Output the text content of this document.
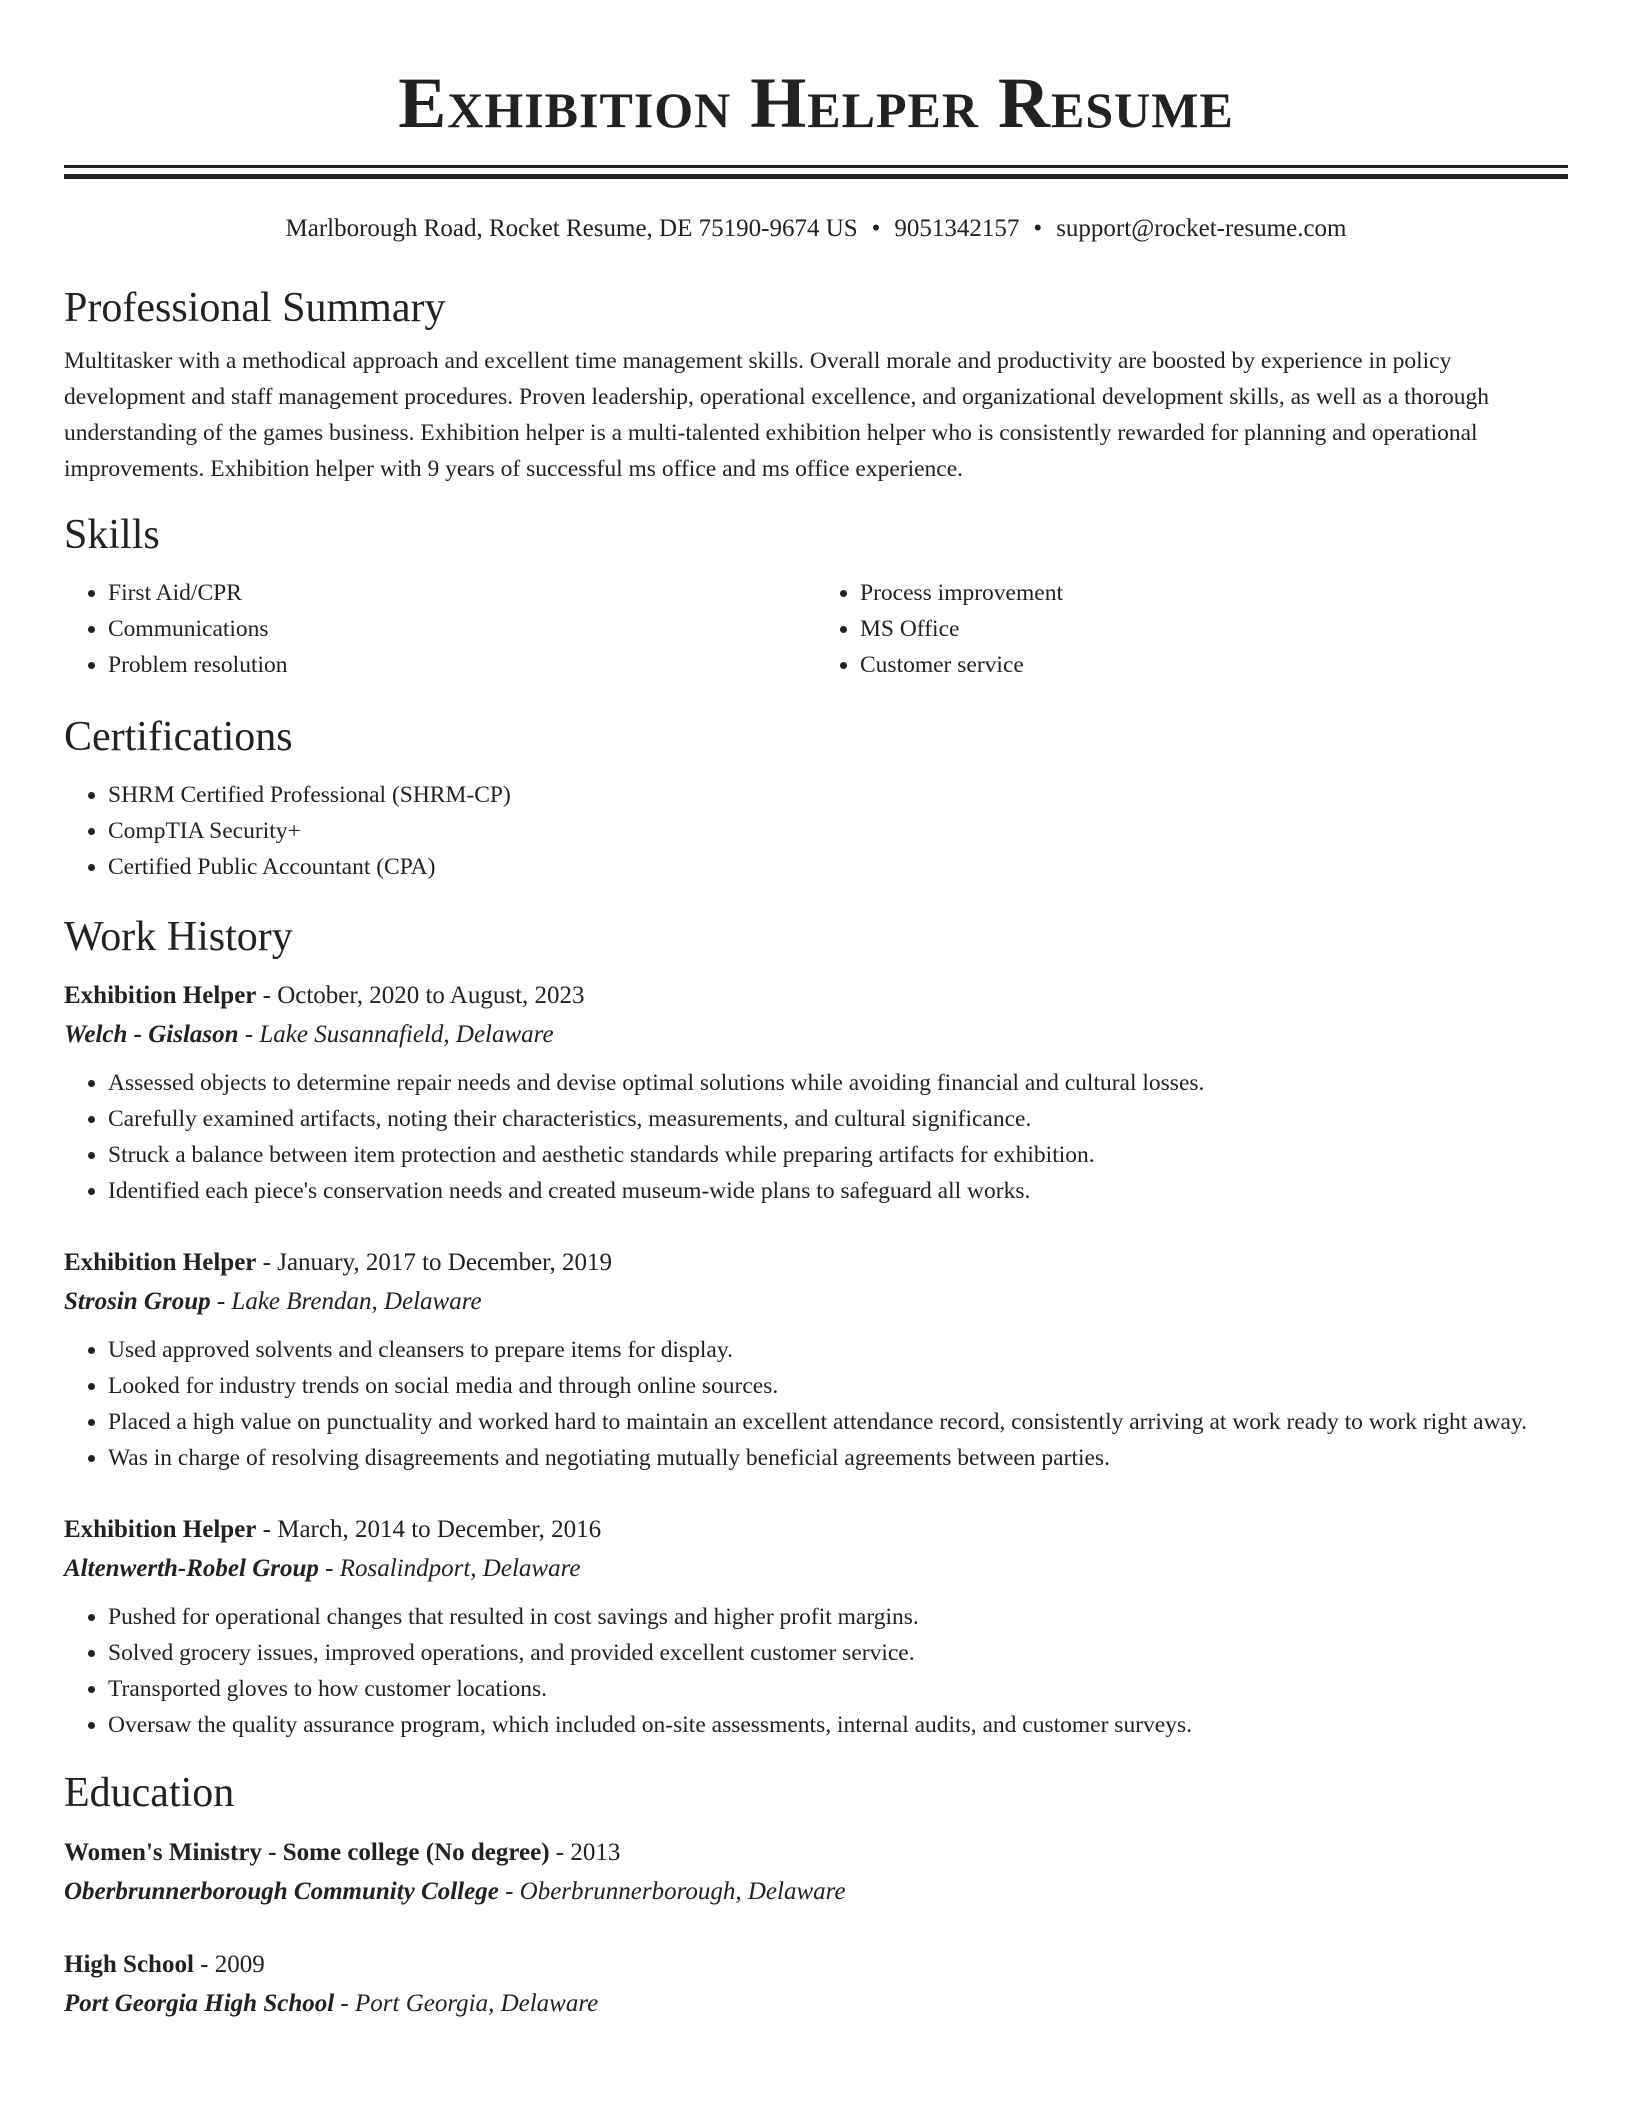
Exhibition Helper Resume
Marlborough Road, Rocket Resume, DE 75190-9674 US • 9051342157 • support@rocket-resume.com
Professional Summary
Multitasker with a methodical approach and excellent time management skills. Overall morale and productivity are boosted by experience in policy development and staff management procedures. Proven leadership, operational excellence, and organizational development skills, as well as a thorough understanding of the games business. Exhibition helper is a multi-talented exhibition helper who is consistently rewarded for planning and operational improvements. Exhibition helper with 9 years of successful ms office and ms office experience.
Skills
• First Aid/CPR
• Communications
• Problem resolution
• Process improvement
• MS Office
• Customer service
Certifications
• SHRM Certified Professional (SHRM-CP)
• CompTIA Security+
• Certified Public Accountant (CPA)
Work History
Exhibition Helper - October, 2020 to August, 2023
Welch - Gislason - Lake Susannafield, Delaware
• Assessed objects to determine repair needs and devise optimal solutions while avoiding financial and cultural losses.
• Carefully examined artifacts, noting their characteristics, measurements, and cultural significance.
• Struck a balance between item protection and aesthetic standards while preparing artifacts for exhibition.
• Identified each piece's conservation needs and created museum-wide plans to safeguard all works.
Exhibition Helper - January, 2017 to December, 2019
Strosin Group - Lake Brendan, Delaware
• Used approved solvents and cleansers to prepare items for display.
• Looked for industry trends on social media and through online sources.
• Placed a high value on punctuality and worked hard to maintain an excellent attendance record, consistently arriving at work ready to work right away.
• Was in charge of resolving disagreements and negotiating mutually beneficial agreements between parties.
Exhibition Helper - March, 2014 to December, 2016
Altenwerth-Robel Group - Rosalindport, Delaware
• Pushed for operational changes that resulted in cost savings and higher profit margins.
• Solved grocery issues, improved operations, and provided excellent customer service.
• Transported gloves to how customer locations.
• Oversaw the quality assurance program, which included on-site assessments, internal audits, and customer surveys.
Education
Women's Ministry - Some college (No degree) - 2013
Oberbrunnerborough Community College - Oberbrunnerborough, Delaware
High School - 2009
Port Georgia High School - Port Georgia, Delaware
